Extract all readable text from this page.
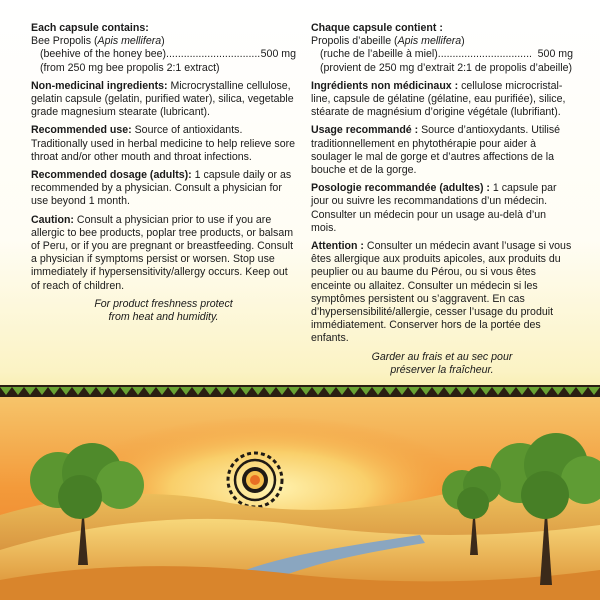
Each capsule contains:
Bee Propolis (Apis mellifera)
(beehive of the honey bee) ................................ 500 mg
(from 250 mg bee propolis 2:1 extract)
Non-medicinal ingredients: Microcrystalline cellulose, gelatin capsule (gelatin, purified water), silica, vegetable grade magnesium stearate (lubricant).
Recommended use: Source of antioxidants. Traditionally used in herbal medicine to help relieve sore throat and/or other mouth and throat infections.
Recommended dosage (adults): 1 capsule daily or as recommended by a physician. Consult a physician for use beyond 1 month.
Caution: Consult a physician prior to use if you are allergic to bee products, poplar tree products, or balsam of Peru, or if you are pregnant or breastfeeding. Consult a physician if symptoms persist or worsen. Stop use immediately if hypersensitivity/allergy occurs. Keep out of reach of children.
For product freshness protect
from heat and humidity.
Chaque capsule contient :
Propolis d’abeille (Apis mellifera)
(ruche de l’abeille à miel) ................................ 500 mg
(provient de 250 mg d’extrait 2:1 de propolis d’abeille)
Ingrédients non médicinaux : cellulose microcristal-line, capsule de gélatine (gélatine, eau purifiée), silice, stéarate de magnésium d’origine végétale (lubrifiant).
Usage recommandé : Source d’antioxydants. Utilisé traditionnellement en phytothérapie pour aider à soulager le mal de gorge et d’autres affections de la bouche et de la gorge.
Posologie recommandée (adultes) : 1 capsule par jour ou suivre les recommandations d’un médecin. Consulter un médecin pour un usage au-delà d’un mois.
Attention : Consulter un médecin avant l’usage si vous êtes allergique aux produits apicoles, aux produits du peuplier ou au baume du Pérou, ou si vous êtes enceinte ou allaitez. Consulter un médecin si les symptômes persistent ou s’aggravent. En cas d’hypersensibilité/allergie, cesser l’usage du produit immédiatement. Conserver hors de la portée des enfants.
Garder au frais et au sec pour
préserver la fraîcheur.
